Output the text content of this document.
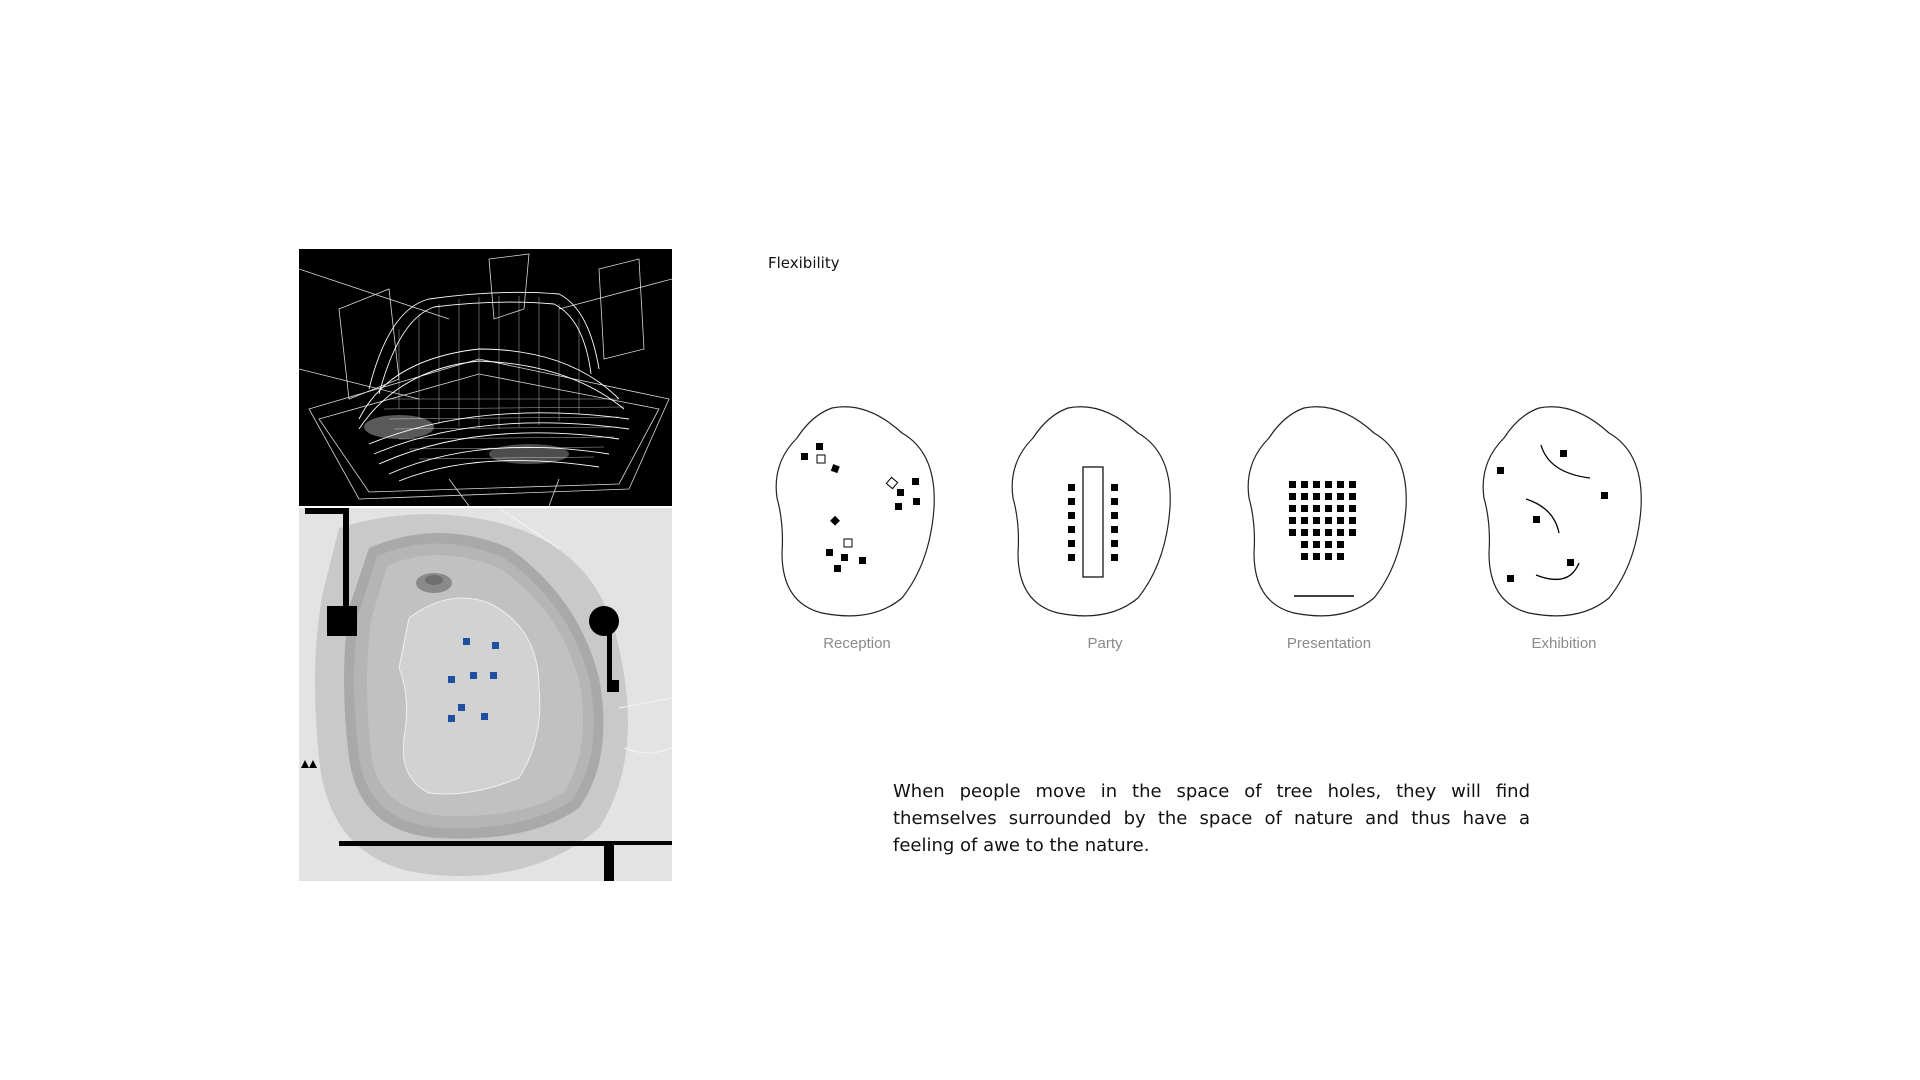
Flexibility
Reception	Party	Presentation	Exhibition
When people move in the space of tree holes, they will find themselves surrounded by the space of nature and thus have a feeling of awe to the nature.
